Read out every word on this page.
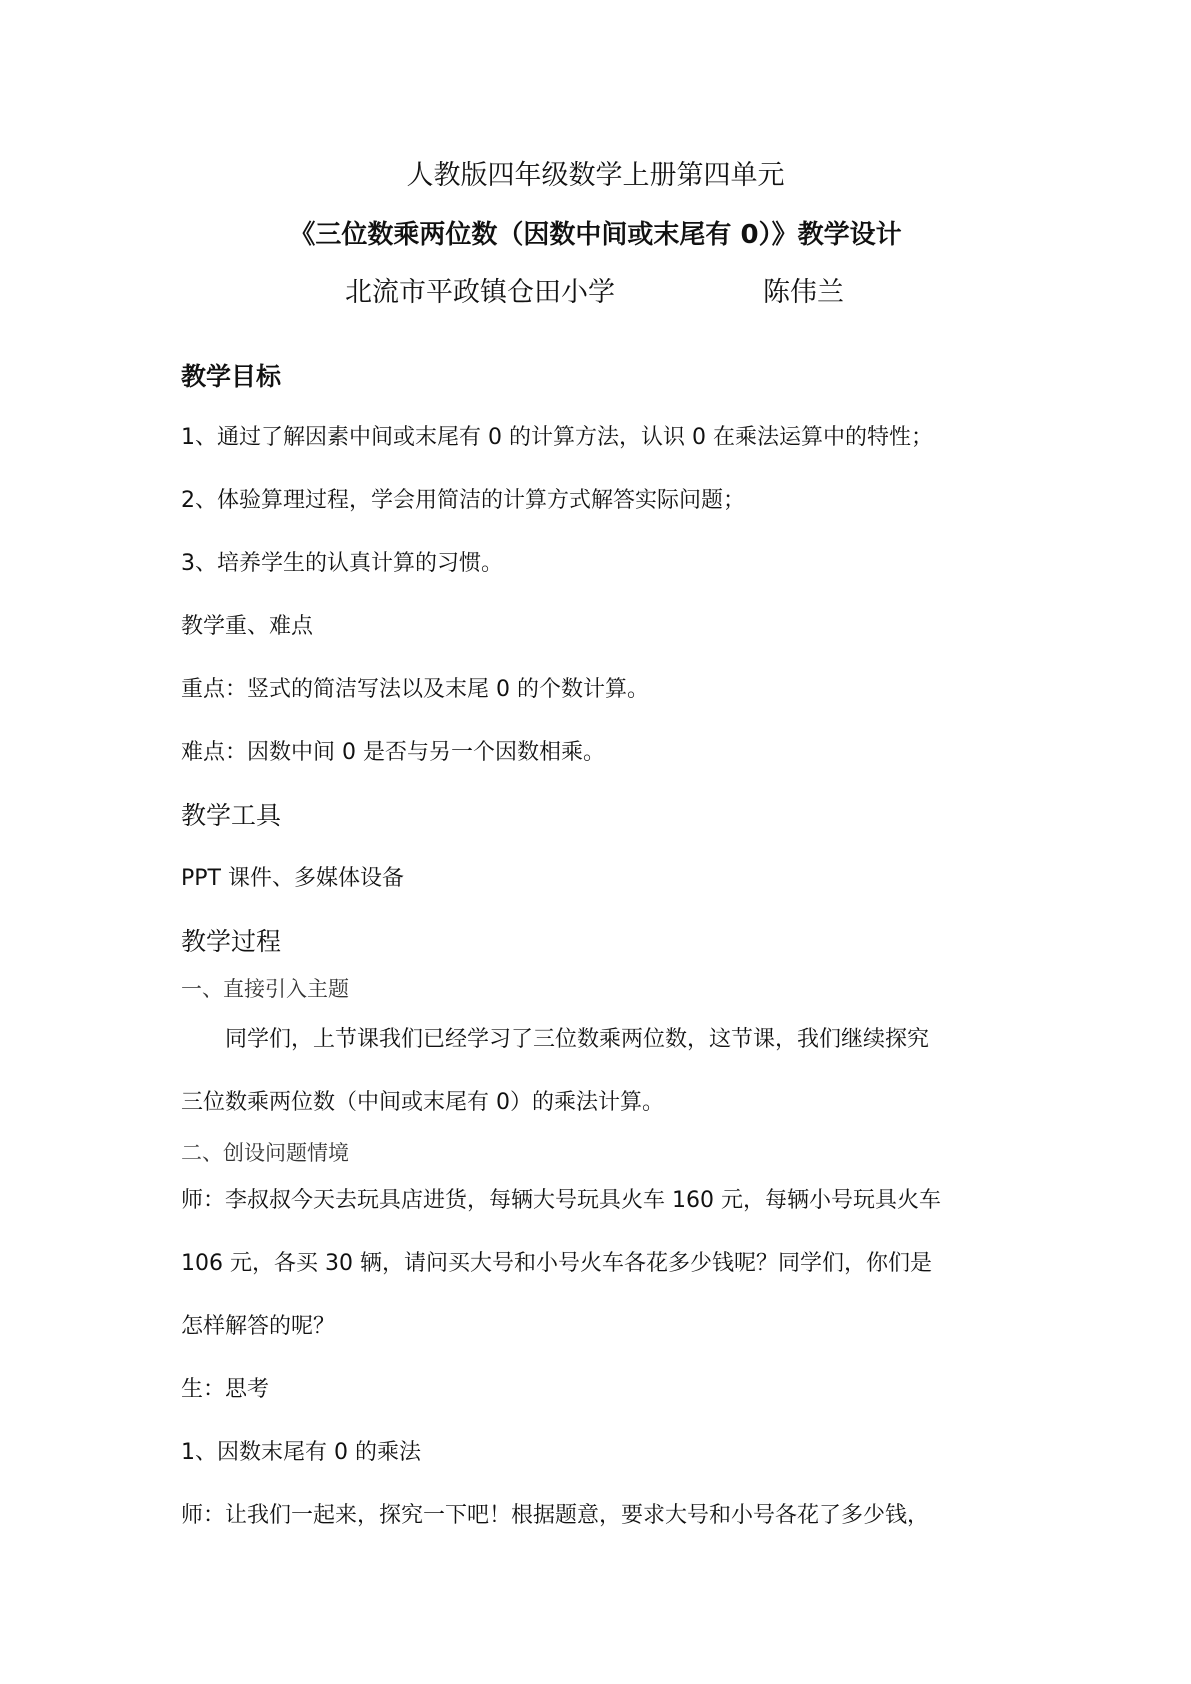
人教版四年级数学上册第四单元
《三位数乘两位数（因数中间或末尾有 0）》教学设计
北流市平政镇仓田小学	陈伟兰
教学目标
1、通过了解因素中间或末尾有 0 的计算方法，认识 0 在乘法运算中的特性；
2、体验算理过程，学会用简洁的计算方式解答实际问题；
3、培养学生的认真计算的习惯。
教学重、难点
重点：竖式的简洁写法以及末尾 0 的个数计算。
难点：因数中间 0 是否与另一个因数相乘。
教学工具
PPT 课件、多媒体设备
教学过程
一、直接引入主题
同学们，上节课我们已经学习了三位数乘两位数，这节课，我们继续探究
三位数乘两位数（中间或末尾有 0）的乘法计算。
二、创设问题情境
师：李叔叔今天去玩具店进货，每辆大号玩具火车 160 元，每辆小号玩具火车
106 元，各买 30 辆，请问买大号和小号火车各花多少钱呢？同学们，你们是
怎样解答的呢？
生：思考
1、因数末尾有 0 的乘法
师：让我们一起来，探究一下吧！根据题意，要求大号和小号各花了多少钱，
